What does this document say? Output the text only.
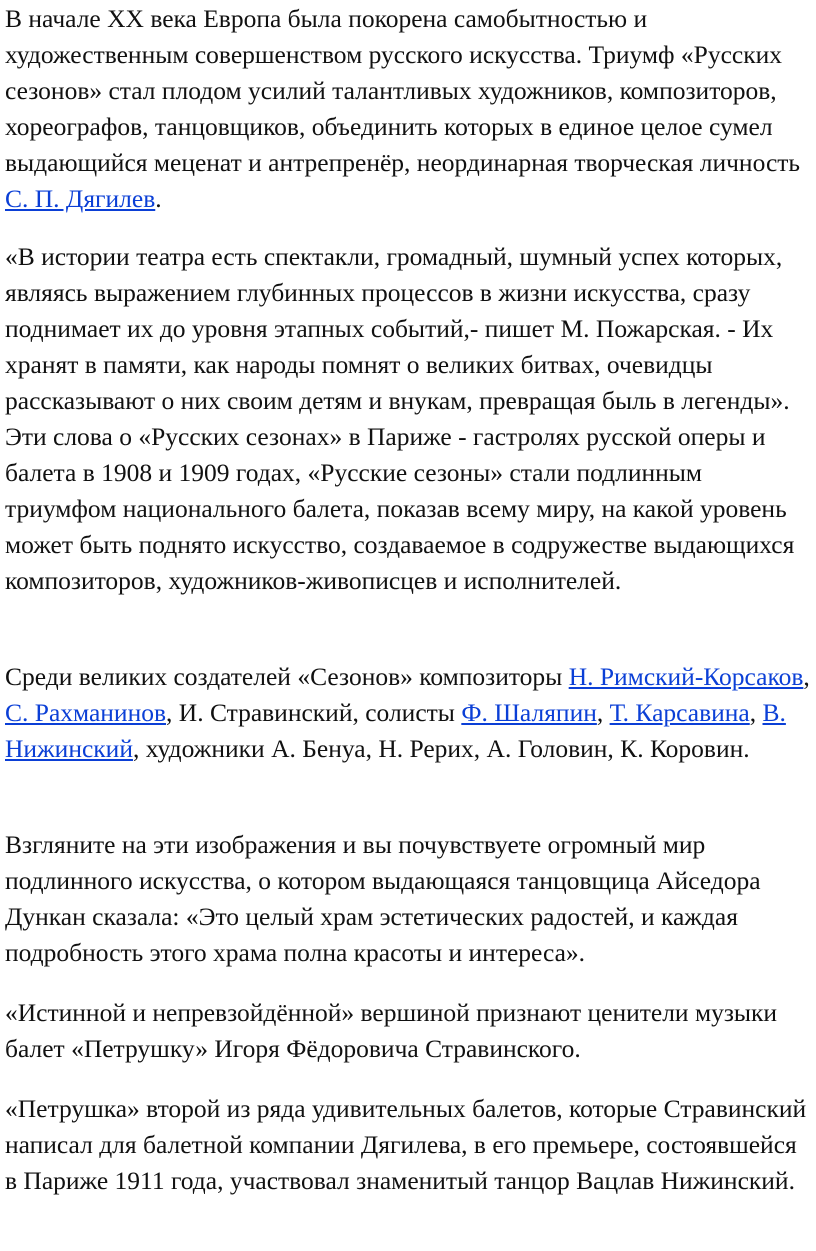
В начале XX века Европа была покорена самобытностью и художественным совершенством русского искусства. Триумф «Русских сезонов» стал плодом усилий талантливых художников, композиторов, хореографов, танцовщиков, объединить которых в единое целое сумел выдающийся меценат и антрепренёр, неординарная творческая личность С. П. Дягилев.

«В истории театра есть спектакли, громадный, шумный успех которых, являясь выражением глубинных процессов в жизни искусства, сразу поднимает их до уровня этапных событий,- пишет М. Пожарская. - Их хранят в памяти, как народы помнят о великих битвах, очевидцы рассказывают о них своим детям и внукам, превращая быль в легенды». Эти слова о «Русских сезонах» в Париже - гастролях русской оперы и балета в 1908 и 1909 годах, «Русские сезоны» стали подлинным триумфом национального балета, показав всему миру, на какой уровень может быть поднято искусство, создаваемое в содружестве выдающихся композиторов, художников-живописцев и исполнителей.

Среди великих создателей «Сезонов» композиторы Н. Римский-Корсаков, С. Рахманинов, И. Стравинский, солисты Ф. Шаляпин, Т. Карсавина, В. Нижинский, художники А. Бенуа, Н. Рерих, А. Головин, К. Коровин.

Взгляните на эти изображения и вы почувствуете огромный мир подлинного искусства, о котором выдающаяся танцовщица Айседора Дункан сказала: «Это целый храм эстетических радостей, и каждая подробность этого храма полна красоты и интереса».

«Истинной и непревзойдённой» вершиной признают ценители музыки балет «Петрушку» Игоря Фёдоровича Стравинского.

«Петрушка» второй из ряда удивительных балетов, которые Стравинский написал для балетной компании Дягилева, в его премьере, состоявшейся в Париже 1911 года, участвовал знаменитый танцор Вацлав Нижинский.
